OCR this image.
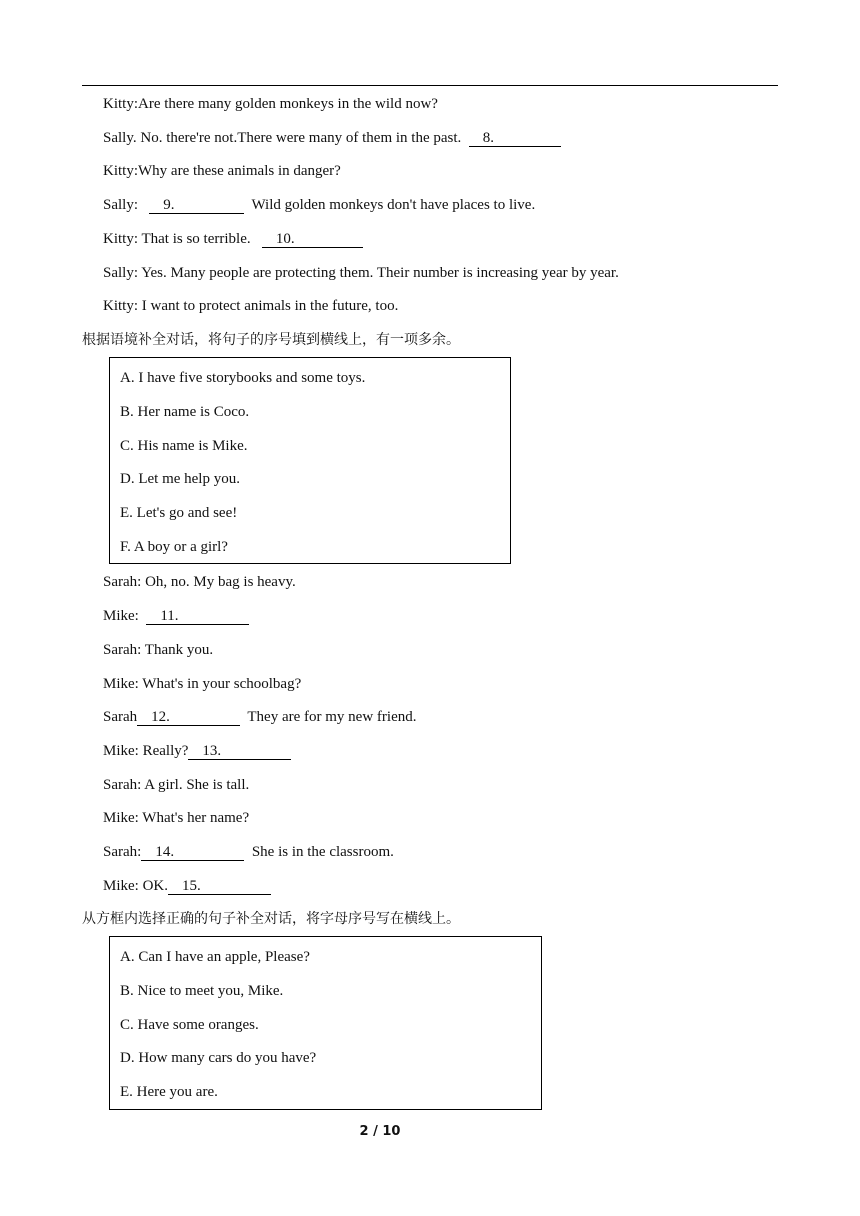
Kitty:Are there many golden monkeys in the wild now?
Sally. No. there're not.There were many of them in the past.  8.
Kitty:Why are these animals in danger?
Sally:   9.	Wild golden monkeys don't have places to live.
Kitty: That is so terrible.   10.
Sally: Yes. Many people are protecting them. Their number is increasing year by year.
Kitty: I want to protect animals in the future, too.
根据语境补全对话，将句子的序号填到横线上，有一项多余。
A. I have five storybooks and some toys.
B. Her name is Coco.
C. His name is Mike.
D. Let me help you.
E. Let's go and see!
F. A boy or a girl?
Sarah: Oh, no. My bag is heavy.
Mike:  11.
Sarah: Thank you.
Mike: What's in your schoolbag?
Sarah 12.	They are for my new friend.
Mike: Really? 13.
Sarah: A girl. She is tall.
Mike: What's her name?
Sarah: 14.	She is in the classroom.
Mike: OK. 15.
从方框内选择正确的句子补全对话，将字母序号写在横线上。
A. Can I have an apple, Please?
B. Nice to meet you, Mike.
C. Have some oranges.
D. How many cars do you have?
E. Here you are.
2 / 10
